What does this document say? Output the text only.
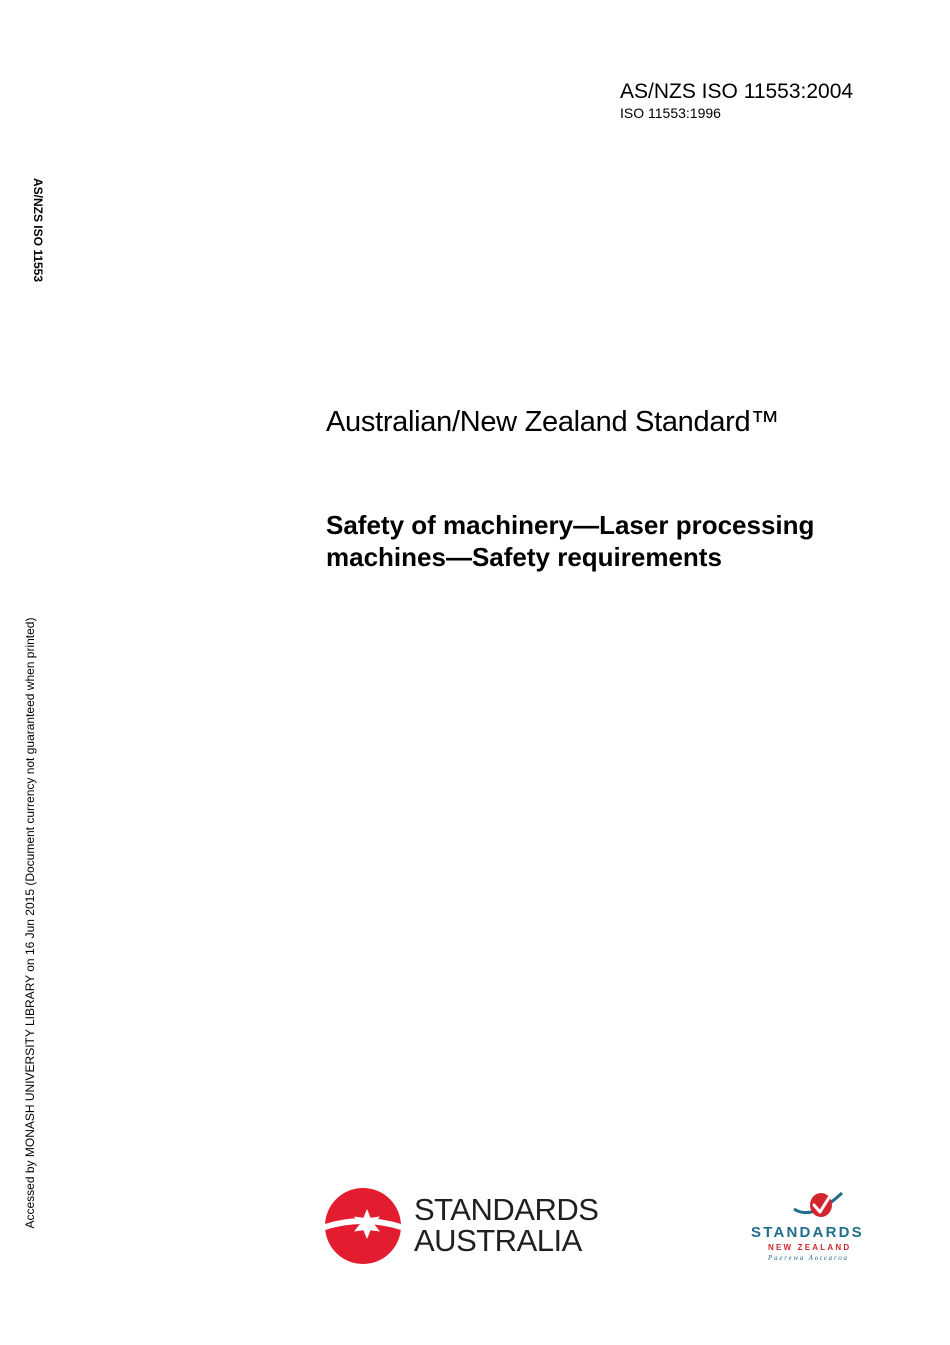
AS/NZS ISO 11553:2004
ISO 11553:1996
AS/NZS ISO 11553
Accessed by MONASH UNIVERSITY LIBRARY on 16 Jun 2015 (Document currency not guaranteed when printed)
Australian/New Zealand Standard™
Safety of machinery—Laser processing
machines—Safety requirements
STANDARDS
AUSTRALIA	STANDARDS
NEW ZEALAND
Paerewa Aotearoa
